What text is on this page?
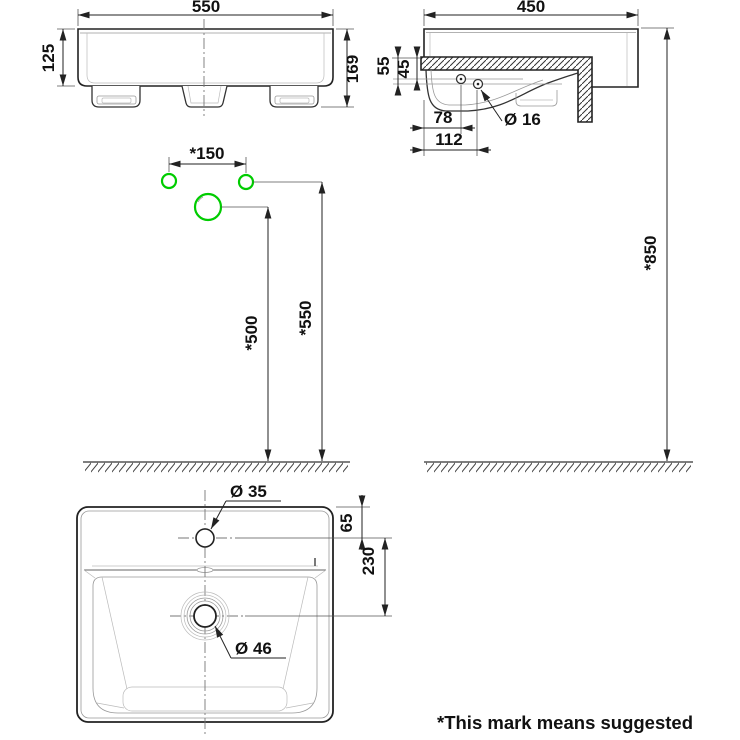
550
125	169
450
55 45
78
112
Ø 16
*850
*150
*550
*500
Ø 35
Ø 46
65
230
*This mark means suggested
